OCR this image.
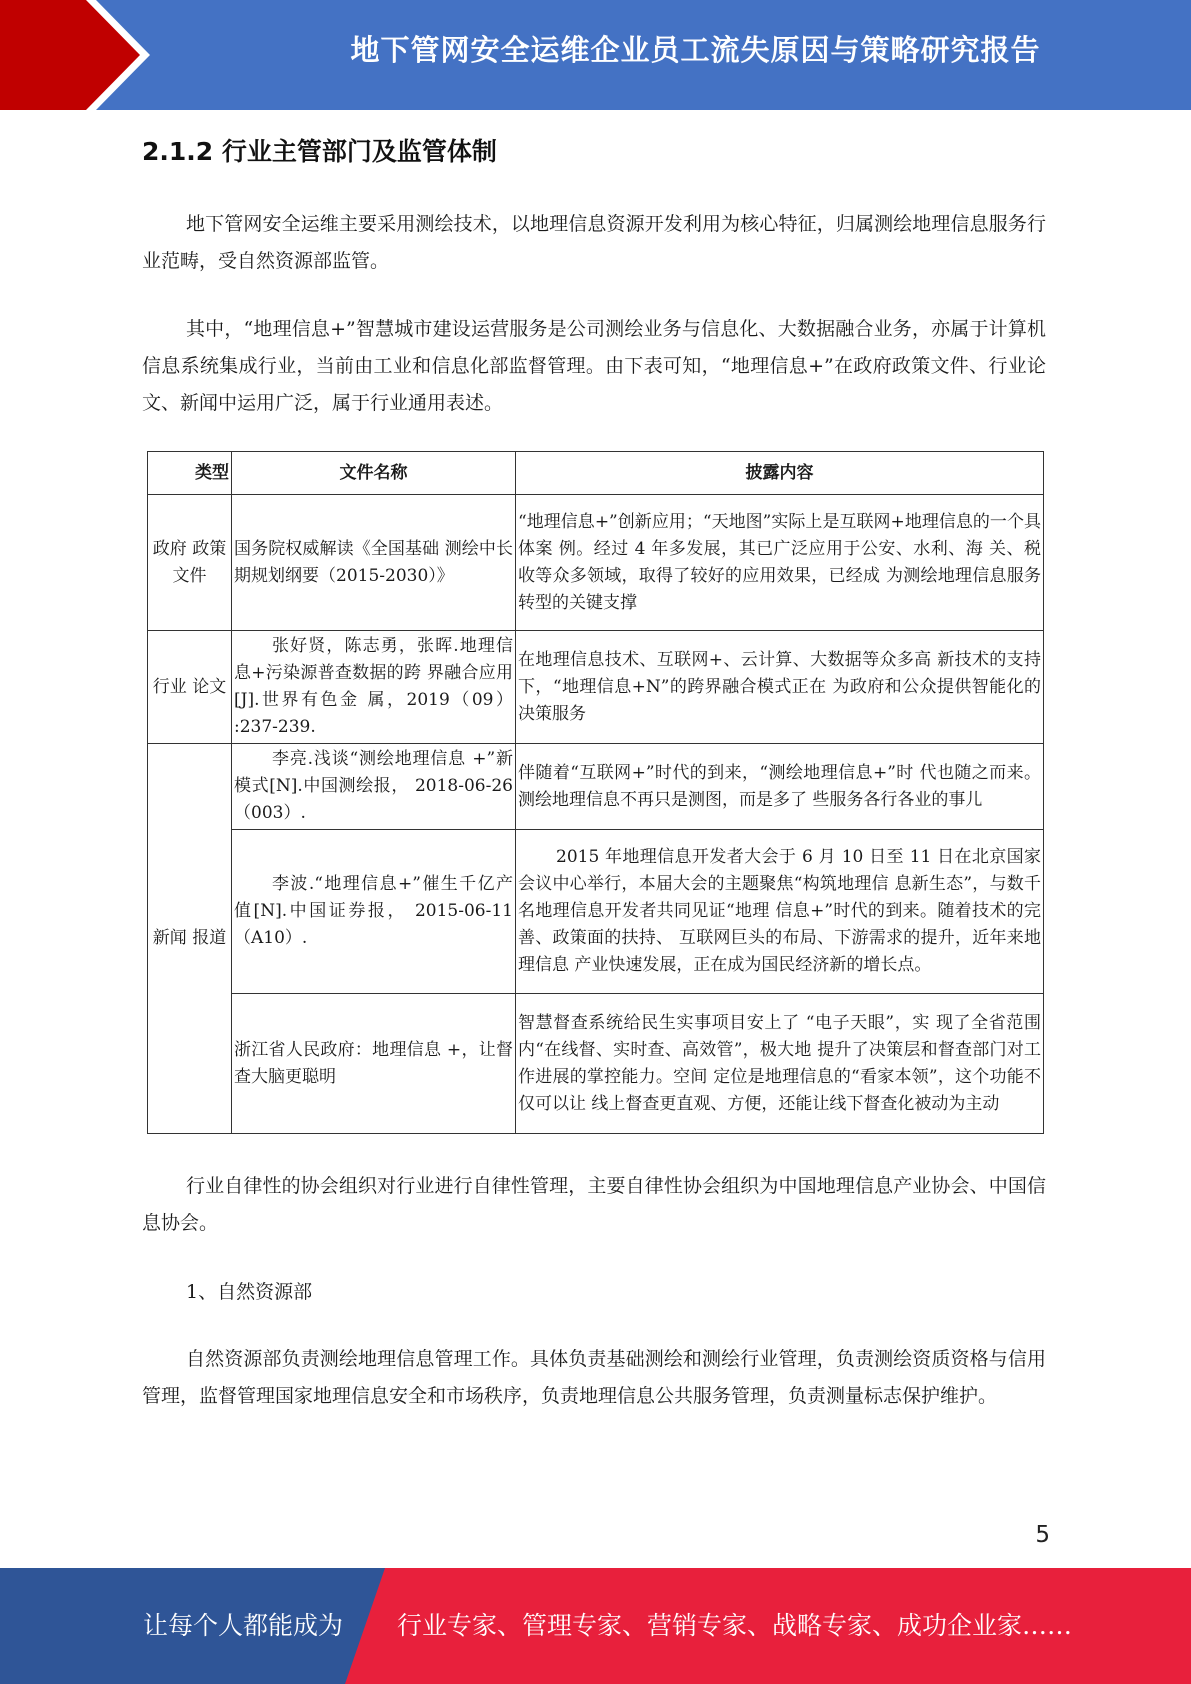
地下管网安全运维企业员工流失原因与策略研究报告
2.1.2 行业主管部门及监管体制

地下管网安全运维主要采用测绘技术，以地理信息资源开发利用为核心特征，归属测绘地理信息服务行业范畴，受自然资源部监管。

其中，“地理信息+”智慧城市建设运营服务是公司测绘业务与信息化、大数据融合业务，亦属于计算机信息系统集成行业，当前由工业和信息化部监督管理。由下表可知，“地理信息+”在政府政策文件、行业论文、新闻中运用广泛，属于行业通用表述。

类型	文件名称	披露内容
政府 政策 文件	国务院权威解读《全国基础 测绘中长期规划纲要（2015-2030）》	“地理信息+”创新应用；“天地图”实际上是互联网+地理信息的一个具体案 例。经过 4 年多发展，其已广泛应用于公安、水利、海 关、税收等众多领域，取得了较好的应用效果，已经成 为测绘地理信息服务转型的关键支撑
行业 论文	张好贤，陈志勇，张晖.地理信息+污染源普查数据的跨 界融合应用[J].世界有色金 属，2019（09） :237-239.	在地理信息技术、互联网+、云计算、大数据等众多高 新技术的支持下，“地理信息+N”的跨界融合模式正在 为政府和公众提供智能化的决策服务
新闻 报道	李亮.浅谈“测绘地理信息 +”新模式[N].中国测绘报， 2018-06-26 （003）.	伴随着“互联网+”时代的到来，“测绘地理信息+”时 代也随之而来。测绘地理信息不再只是测图，而是多了 些服务各行各业的事儿
	李波.“地理信息+”催生千亿产值[N].中国证券报， 2015-06-11（A10）.	2015 年地理信息开发者大会于 6 月 10 日至 11 日在北京国家会议中心举行，本届大会的主题聚焦“构筑地理信 息新生态”，与数千名地理信息开发者共同见证“地理 信息+”时代的到来。随着技术的完善、政策面的扶持、 互联网巨头的布局、下游需求的提升，近年来地理信息 产业快速发展，正在成为国民经济新的增长点。
	浙江省人民政府：地理信息 +，让督查大脑更聪明	智慧督查系统给民生实事项目安上了 “电子天眼”，实 现了全省范围内“在线督、实时查、高效管”，极大地 提升了决策层和督查部门对工作进展的掌控能力。空间 定位是地理信息的“看家本领”，这个功能不仅可以让 线上督查更直观、方便，还能让线下督查化被动为主动

行业自律性的协会组织对行业进行自律性管理，主要自律性协会组织为中国地理信息产业协会、中国信息协会。

1、自然资源部

自然资源部负责测绘地理信息管理工作。具体负责基础测绘和测绘行业管理，负责测绘资质资格与信用管理，监督管理国家地理信息安全和市场秩序，负责地理信息公共服务管理，负责测量标志保护维护。

5
让每个人都能成为 行业专家、管理专家、营销专家、战略专家、成功企业家……
